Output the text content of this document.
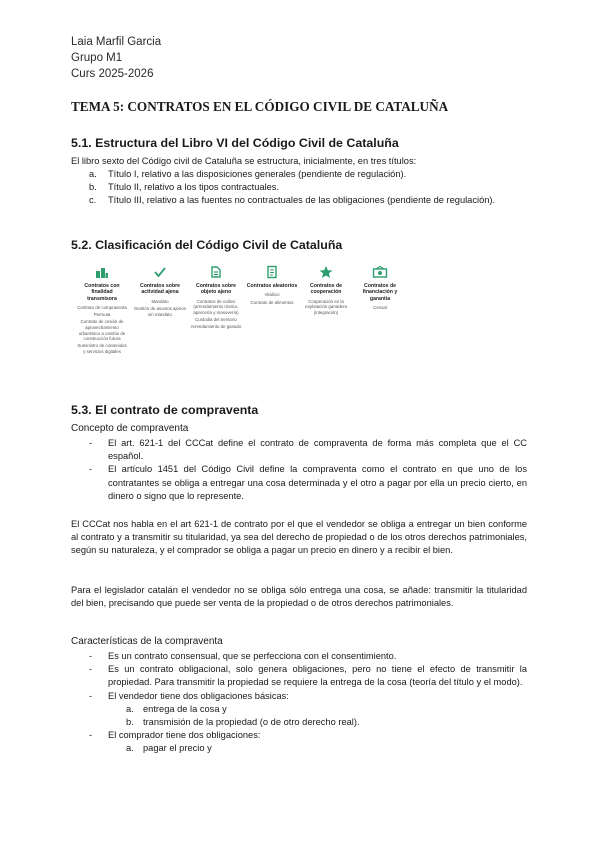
Laia Marfil Garcia
Grupo M1
Curs 2025-2026
TEMA 5: CONTRATOS EN EL CÓDIGO CIVIL DE CATALUÑA
5.1. Estructura del Libro VI del Código Civil de Cataluña
El libro sexto del Código civil de Cataluña se estructura, inicialmente, en tres títulos:
a. Título I, relativo a las disposiciones generales (pendiente de regulación).
b. Título II, relativo a los tipos contractuales.
c. Título III, relativo a las fuentes no contractuales de las obligaciones (pendiente de regulación).
5.2. Clasificación del Código Civil de Cataluña
Contratos con finalidad transmisora
Contrato de compraventa
Permuta
Contrato de cesión de aprovechamiento urbanístico a cambio de construcción futura
Suministro de contenidos y servicios digitales
Contratos sobre actividad ajena
Mandato
Gestión de asuntos ajenos sin mandato
Contratos sobre objeto ajeno
Contratos de cultivo (arrendamiento rústico, aparcería y masovería)
Custodia del territorio
Arrendamiento de ganado
Contratos aleatorios
Vitalicio
Contrato de alimentos
Contratos de cooperación
Cooperación en la explotación ganadera (integración)
Contratos de financiación y garantía
Censal
5.3. El contrato de compraventa
Concepto de compraventa
- El art. 621-1 del CCCat define el contrato de compraventa de forma más completa que el CC español.
- El artículo 1451 del Código Civil define la compraventa como el contrato en que uno de los contratantes se obliga a entregar una cosa determinada y el otro a pagar por ella un precio cierto, en dinero o signo que lo represente.
El CCCat nos habla en el art 621-1 de contrato por el que el vendedor se obliga a entregar un bien conforme al contrato y a transmitir su titularidad, ya sea del derecho de propiedad o de los otros derechos patrimoniales, según su naturaleza, y el comprador se obliga a pagar un precio en dinero y a recibir el bien.
Para el legislador catalán el vendedor no se obliga sólo entrega una cosa, se añade: transmitir la titularidad del bien, precisando que puede ser venta de la propiedad o de otros derechos patrimoniales.
Características de la compraventa
- Es un contrato consensual, que se perfecciona con el consentimiento.
- Es un contrato obligacional, solo genera obligaciones, pero no tiene el efecto de transmitir la propiedad. Para transmitir la propiedad se requiere la entrega de la cosa (teoría del título y el modo).
- El vendedor tiene dos obligaciones básicas:
a. entrega de la cosa y
b. transmisión de la propiedad (o de otro derecho real).
- El comprador tiene dos obligaciones:
a. pagar el precio y
